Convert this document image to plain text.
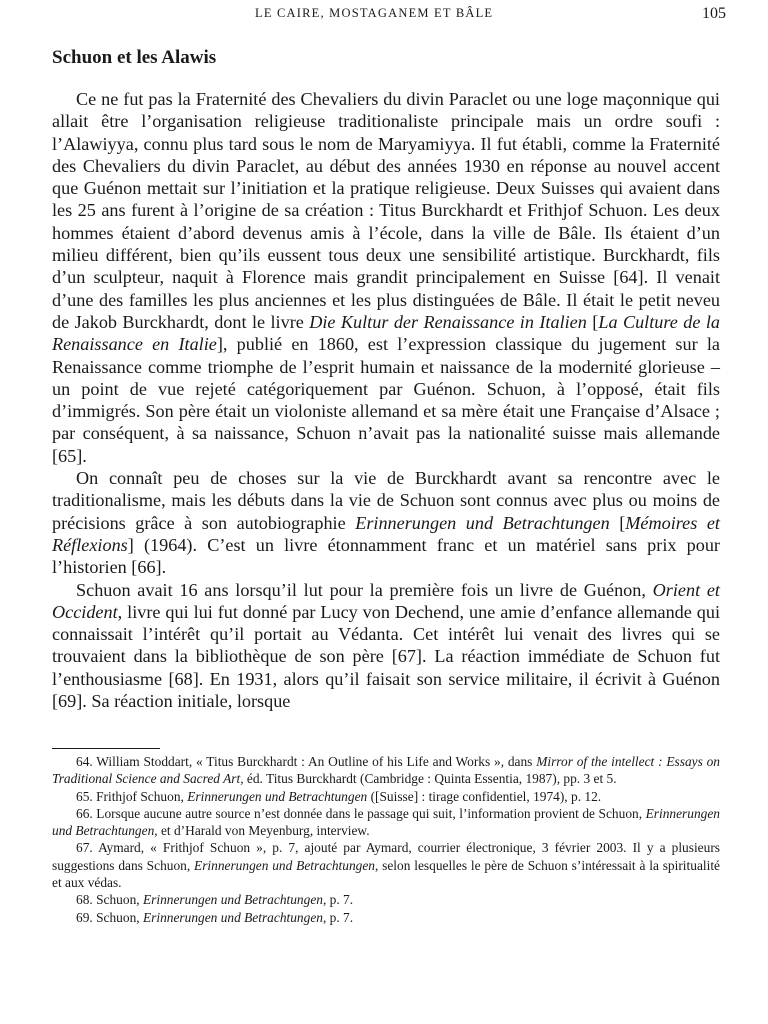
LE CAIRE, MOSTAGANEM ET BÂLE	105
Schuon et les Alawis

Ce ne fut pas la Fraternité des Chevaliers du divin Paraclet ou une loge maçonnique qui allait être l’organisation religieuse traditionaliste principale mais un ordre soufi : l’Alawiyya, connu plus tard sous le nom de Maryamiyya. Il fut établi, comme la Fraternité des Chevaliers du divin Paraclet, au début des années 1930 en réponse au nouvel accent que Guénon mettait sur l’initiation et la pratique religieuse. Deux Suisses qui avaient dans les 25 ans furent à l’origine de sa création : Titus Burckhardt et Frithjof Schuon. Les deux hommes étaient d’abord devenus amis à l’école, dans la ville de Bâle. Ils étaient d’un milieu différent, bien qu’ils eussent tous deux une sensibilité artistique. Burckhardt, fils d’un sculpteur, naquit à Florence mais grandit principalement en Suisse [64]. Il venait d’une des familles les plus anciennes et les plus distinguées de Bâle. Il était le petit neveu de Jakob Burckhardt, dont le livre Die Kultur der Renaissance in Italien [La Culture de la Renaissance en Italie], publié en 1860, est l’expression classique du jugement sur la Renaissance comme triomphe de l’esprit humain et naissance de la modernité glorieuse – un point de vue rejeté catégoriquement par Guénon. Schuon, à l’opposé, était fils d’immigrés. Son père était un violoniste allemand et sa mère était une Française d’Alsace ; par conséquent, à sa naissance, Schuon n’avait pas la nationalité suisse mais allemande [65].

On connaît peu de choses sur la vie de Burckhardt avant sa rencontre avec le traditionalisme, mais les débuts dans la vie de Schuon sont connus avec plus ou moins de précisions grâce à son autobiographie Erinnerungen und Betrachtungen [Mémoires et Réflexions] (1964). C’est un livre étonnamment franc et un matériel sans prix pour l’historien [66].

Schuon avait 16 ans lorsqu’il lut pour la première fois un livre de Guénon, Orient et Occident, livre qui lui fut donné par Lucy von Dechend, une amie d’enfance allemande qui connaissait l’intérêt qu’il portait au Védanta. Cet intérêt lui venait des livres qui se trouvaient dans la bibliothèque de son père [67]. La réaction immédiate de Schuon fut l’enthousiasme [68]. En 1931, alors qu’il faisait son service militaire, il écrivit à Guénon [69]. Sa réaction initiale, lorsque

64. William Stoddart, « Titus Burckhardt : An Outline of his Life and Works », dans Mirror of the intellect : Essays on Traditional Science and Sacred Art, éd. Titus Burckhardt (Cambridge : Quinta Essentia, 1987), pp. 3 et 5.

65. Frithjof Schuon, Erinnerungen und Betrachtungen ([Suisse] : tirage confidentiel, 1974), p. 12.

66. Lorsque aucune autre source n’est donnée dans le passage qui suit, l’information provient de Schuon, Erinnerungen und Betrachtungen, et d’Harald von Meyenburg, interview.

67. Aymard, « Frithjof Schuon », p. 7, ajouté par Aymard, courrier électronique, 3 février 2003. Il y a plusieurs suggestions dans Schuon, Erinnerungen und Betrachtungen, selon lesquelles le père de Schuon s’intéressait à la spiritualité et aux védas.

68. Schuon, Erinnerungen und Betrachtungen, p. 7.

69. Schuon, Erinnerungen und Betrachtungen, p. 7.
